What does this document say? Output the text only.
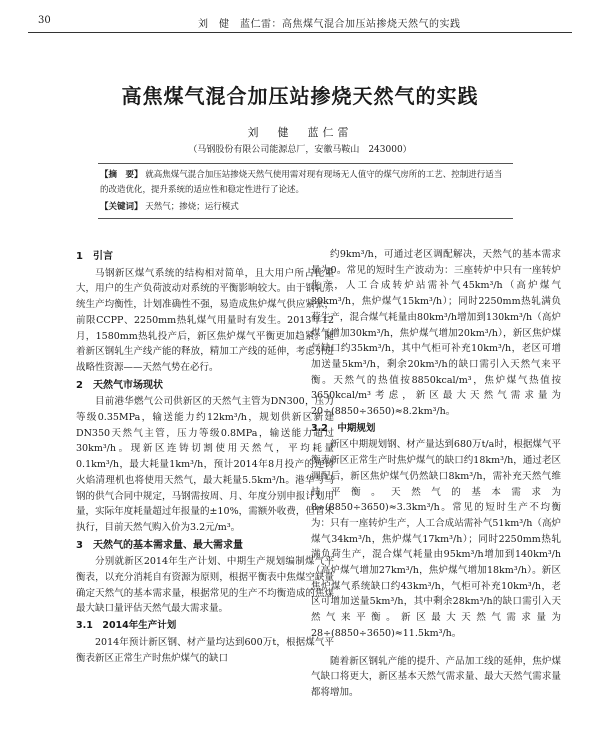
30	刘　健　蓝仁雷：高焦煤气混合加压站掺烧天然气的实践
高焦煤气混合加压站掺烧天然气的实践
刘　健　蓝仁雷
（马钢股份有限公司能源总厂，安徽马鞍山　243000）
【摘　要】 就高焦煤气混合加压站掺烧天然气使用需对现有现场无人值守的煤气房所的工艺、控制进行适当的改造优化，提升系统的适应性和稳定性进行了论述。
【关键词】 天然气；掺烧；运行模式

1　引言

马钢新区煤气系统的结构相对简单，且大用户所占比重大，用户的生产负荷波动对系统的平衡影响较大。由于钢轧系统生产均衡性，计划准确性不强，易造成焦炉煤气供应紧张，前限CCPP、2250mm热轧煤气用量时有发生。2013年12月，1580mm热轧投产后，新区焦炉煤气平衡更加趋紧。随着新区钢轧生产线产能的释放，精加工产线的延伸，考虑引进战略性资源——天然气势在必行。

2　天然气市场现状

目前港华燃气公司供新区的天然气主管为DN300，压力等级0.35MPa，输送能力约12km³/h，规划供新区新建DN350天然气主管，压力等级0.8MPa，输送能力超过30km³/h。现新区连铸切割使用天然气，平均耗量0.1km³/h，最大耗量1km³/h，预计2014年8月投产的连铸火焰清理机也将使用天然气，最大耗量5.5km³/h。港华与马钢的供气合同中规定，马钢需按周、月、年度分别申报计划用量，实际年度耗量超过年报量的±10%，需额外收费，但暂未执行，目前天然气购入价为3.2元/m³。

3　天然气的基本需求量、最大需求量

分别就新区2014年生产计划、中期生产规划编制煤气平衡表，以充分消耗自有资源为原则，根据平衡表中焦煤空缺量确定天然气的基本需求量，根据常见的生产不均衡造成的焦煤最大缺口量评估天然气最大需求量。

3.1　2014年生产计划

2014年预计新区钢、材产量均达到600万t，根据煤气平衡表新区正常生产时焦炉煤气的缺口

约9km³/h，可通过老区调配解决，天然气的基本需求量为0。常见的短时生产波动为：三座转炉中只有一座转炉生产，人工合成转炉站需补气45km³/h（高炉煤气30km³/h，焦炉煤气15km³/h）；同时2250mm热轧满负荷生产，混合煤气耗量由80km³/h增加到130km³/h（高炉煤气增加30km³/h，焦炉煤气增加20km³/h），新区焦炉煤气缺口约35km³/h，其中气柜可补充10km³/h，老区可增加送量5km³/h，剩余20km³/h的缺口需引入天然气来平衡。天然气的热值按8850kcal/m³，焦炉煤气热值按3650kcal/m³考虑，新区最大天然气需求量为20÷(8850÷3650)≈8.2km³/h。

3.2　中期规划

新区中期规划钢、材产量达到680万t/a时，根据煤气平衡表新区正常生产时焦炉煤气的缺口约18km³/h，通过老区调配后，新区焦炉煤气仍然缺口8km³/h，需补充天然气维持平衡。天然气的基本需求为8÷(8850÷3650)≈3.3km³/h。常见的短时生产不均衡为：只有一座转炉生产，人工合成站需补气51km³/h（高炉煤气34km³/h，焦炉煤气17km³/h）；同时2250mm热轧满负荷生产，混合煤气耗量由95km³/h增加到140km³/h（高炉煤气增加27km³/h，焦炉煤气增加18km³/h）。新区焦炉煤气系统缺口约43km³/h，气柜可补充10km³/h，老区可增加送量5km³/h，其中剩余28km³/h的缺口需引入天然气来平衡。新区最大天然气需求量为28÷(8850÷3650)≈11.5km³/h。

随着新区钢轧产能的提升、产品加工线的延伸，焦炉煤气缺口将更大，新区基本天然气需求量、最大天然气需求量都将增加。
